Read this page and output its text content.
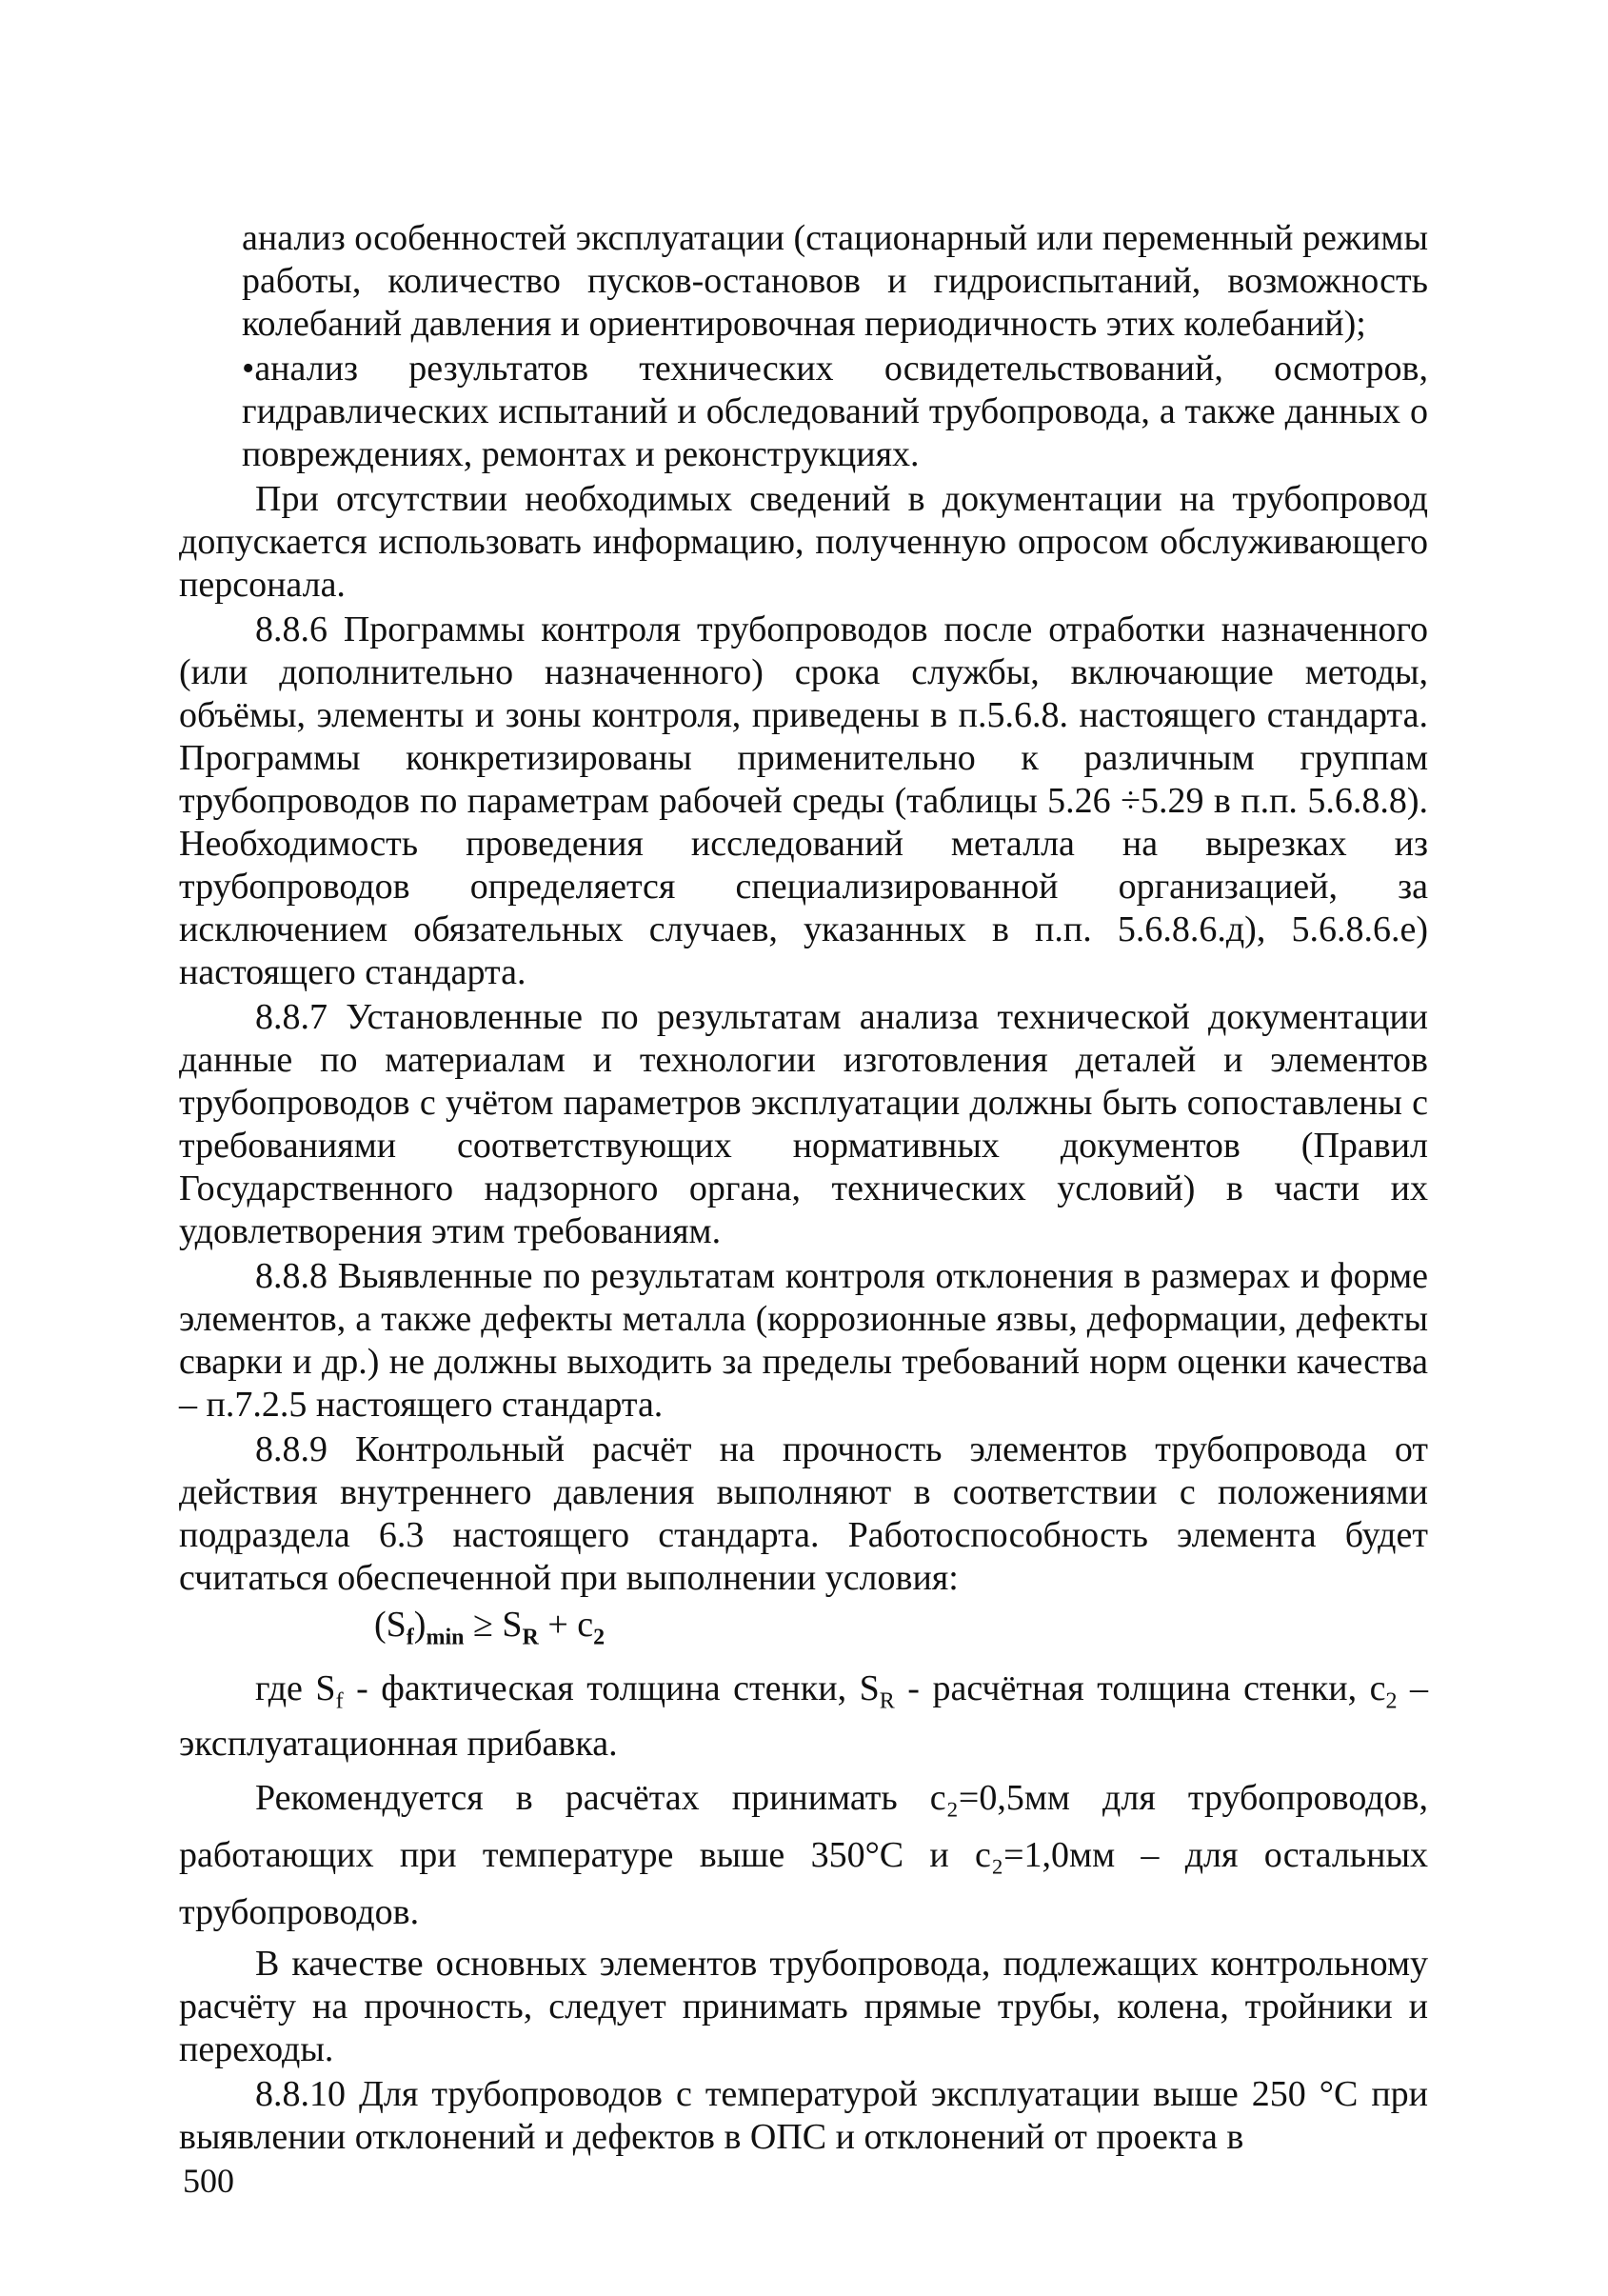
анализ особенностей эксплуатации (стационарный или переменный режимы работы, количество пусков-остановов и гидроиспытаний, возможность колебаний давления и ориентировочная периодичность этих колебаний);

•анализ результатов технических освидетельствований, осмотров, гидравлических испытаний и обследований трубопровода, а также данных о повреждениях, ремонтах и реконструкциях.

При отсутствии необходимых сведений в документации на трубопровод допускается использовать информацию, полученную опросом обслуживающего персонала.

8.8.6 Программы контроля трубопроводов после отработки назначенного (или дополнительно назначенного) срока службы, включающие методы, объёмы, элементы и зоны контроля, приведены в п.5.6.8. настоящего стандарта. Программы конкретизированы применительно к различным группам трубопроводов по параметрам рабочей среды (таблицы 5.26 ÷5.29 в п.п. 5.6.8.8). Необходимость проведения исследований металла на вырезках из трубопроводов определяется специализированной организацией, за исключением обязательных случаев, указанных в п.п. 5.6.8.6.д), 5.6.8.6.е) настоящего стандарта.

8.8.7 Установленные по результатам анализа технической документации данные по материалам и технологии изготовления деталей и элементов трубопроводов с учётом параметров эксплуатации должны быть сопоставлены с требованиями соответствующих нормативных документов (Правил Государственного надзорного органа, технических условий) в части их удовлетворения этим требованиям.

8.8.8 Выявленные по результатам контроля отклонения в размерах и форме элементов, а также дефекты металла (коррозионные язвы, деформации, дефекты сварки и др.) не должны выходить за пределы требований норм оценки качества – п.7.2.5 настоящего стандарта.

8.8.9 Контрольный расчёт на прочность элементов трубопровода от действия внутреннего давления выполняют в соответствии с положениями подраздела 6.3 настоящего стандарта. Работоспособность элемента будет считаться обеспеченной при выполнении условия:

$(S_f)_{min} \ge S_R + c_2$

где $S_f$ - фактическая толщина стенки, $S_R$ - расчётная толщина стенки, $c_2$ – эксплуатационная прибавка.

Рекомендуется в расчётах принимать c₂=0,5мм для трубопроводов, работающих при температуре выше 350°С и c₂=1,0мм – для остальных трубопроводов.

В качестве основных элементов трубопровода, подлежащих контрольному расчёту на прочность, следует принимать прямые трубы, колена, тройники и переходы.

8.8.10 Для трубопроводов с температурой эксплуатации выше 250 °С при выявлении отклонений и дефектов в ОПС и отклонений от проекта в

500
